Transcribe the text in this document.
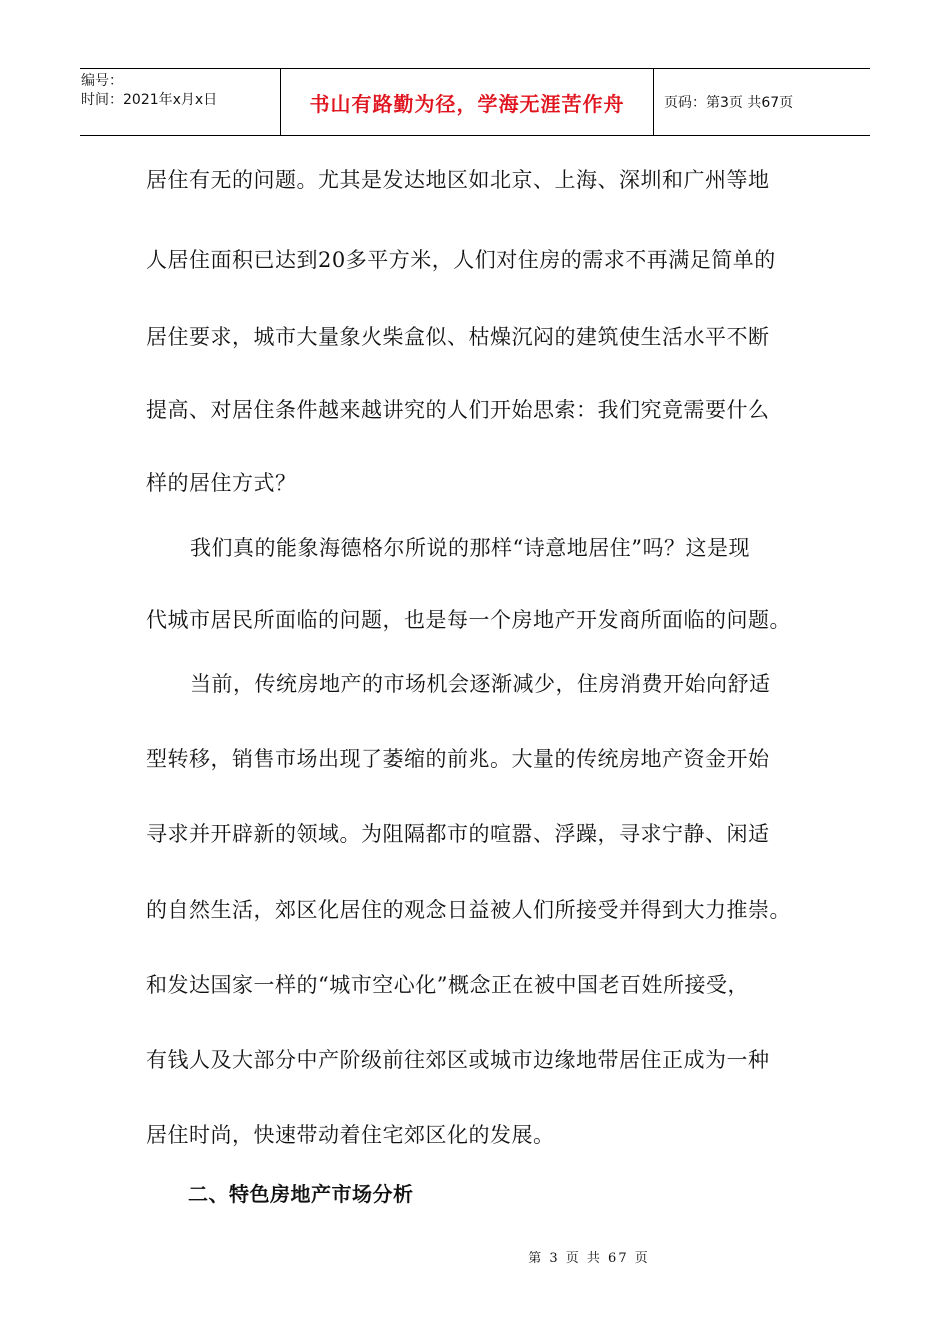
编号：
时间：2021年x月x日	书山有路勤为径，学海无涯苦作舟	页码：第3页 共67页
居住有无的问题。尤其是发达地区如北京、上海、深圳和广州等地
人居住面积已达到20多平方米，人们对住房的需求不再满足简单的
居住要求，城市大量象火柴盒似、枯燥沉闷的建筑使生活水平不断
提高、对居住条件越来越讲究的人们开始思索：我们究竟需要什么
样的居住方式？
我们真的能象海德格尔所说的那样“诗意地居住”吗？这是现
代城市居民所面临的问题，也是每一个房地产开发商所面临的问题。
当前，传统房地产的市场机会逐渐减少，住房消费开始向舒适
型转移，销售市场出现了萎缩的前兆。大量的传统房地产资金开始
寻求并开辟新的领域。为阻隔都市的喧嚣、浮躁，寻求宁静、闲适
的自然生活，郊区化居住的观念日益被人们所接受并得到大力推崇。
和发达国家一样的“城市空心化”概念正在被中国老百姓所接受，
有钱人及大部分中产阶级前往郊区或城市边缘地带居住正成为一种
居住时尚，快速带动着住宅郊区化的发展。
二、特色房地产市场分析
第 3 页 共 67 页
